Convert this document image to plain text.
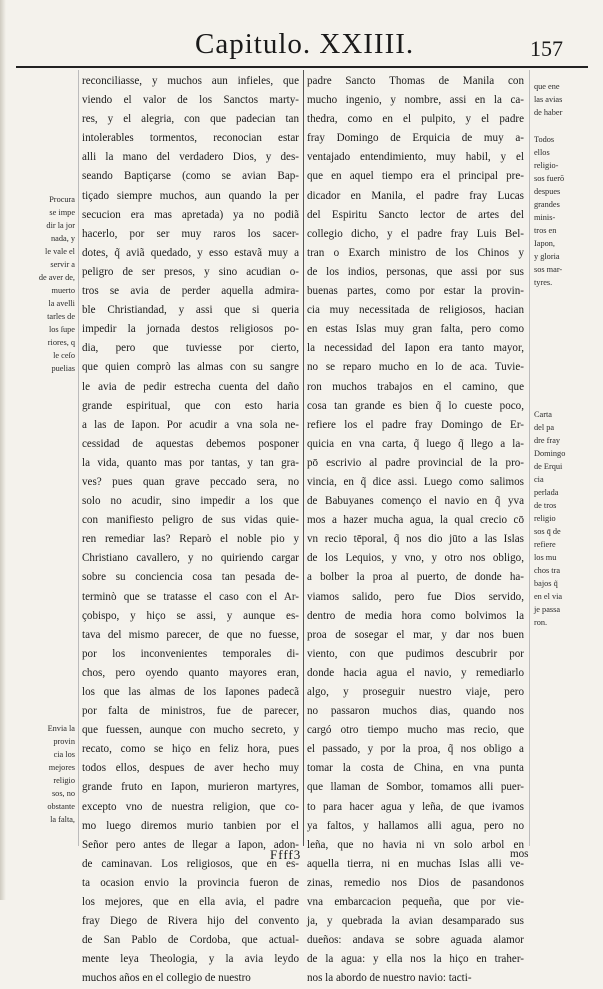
Capitulo. XXIIII.	157
reconciliasse, y muchos aun infieles, que
viendo el valor de los Sanctos marty-
res, y el alegria, con que padecian tan
intolerables tormentos, reconocian estar
alli la mano del verdadero Dios, y des-
seando Baptiçarse (como se avian Bap-
tiçado siempre muchos, aun quando la per
secucion era mas apretada) ya no podiã
hacerlo, por ser muy raros los sacer-
dotes, q̃ aviã quedado, y esso estavã muy a
peligro de ser presos, y sino acudian o-
tros se avia de perder aquella admira-
ble Christiandad, y assi que si queria
impedir la jornada destos religiosos po-
dia, pero que tuviesse por cierto,
que quien comprò las almas con su sangre
le avia de pedir estrecha cuenta del daño
grande espiritual, que con esto haria
a las de Iapon. Por acudir a vna sola ne-
cessidad de aquestas debemos posponer
la vida, quanto mas por tantas, y tan gra-
ves? pues quan grave peccado sera, no
solo no acudir, sino impedir a los que
con manifiesto peligro de sus vidas quie-
ren remediar las? Reparò el noble pio y
Christiano cavallero, y no quiriendo cargar
sobre su conciencia cosa tan pesada de-
terminò que se tratasse el caso con el Ar-
çobispo, y hiço se assi, y aunque es-
tava del mismo parecer, de que no fuesse,
por los inconvenientes temporales di-
chos, pero oyendo quanto mayores eran,
los que las almas de los Iapones padecã
por falta de ministros, fue de parecer,
que fuessen, aunque con mucho secreto, y
recato, como se hiço en feliz hora, pues
todos ellos, despues de aver hecho muy
grande fruto en Iapon, murieron martyres,
excepto vno de nuestra religion, que co-
mo luego diremos murio tanbien por el
Señor pero antes de llegar a Iapon, adon-
de caminavan. Los religiosos, que en es-
ta ocasion envio la provincia fueron de
los mejores, que en ella avia, el padre
fray Diego de Rivera hijo del convento
de San Pablo de Cordoba, que actual-
mente leya Theologia, y la avia leydo
muchos años en el collegio de nuestro
padre Sancto Thomas de Manila con
mucho ingenio, y nombre, assi en la ca-
thedra, como en el pulpito, y el padre
fray Domingo de Erquicia de muy a-
ventajado entendimiento, muy habil, y el
que en aquel tiempo era el principal pre-
dicador en Manila, el padre fray Lucas
del Espiritu Sancto lector de artes del
collegio dicho, y el padre fray Luis Bel-
tran o Exarch ministro de los Chinos y
de los indios, personas, que assi por sus
buenas partes, como por estar la provin-
cia muy necessitada de religiosos, hacian
en estas Islas muy gran falta, pero como
la necessidad del Iapon era tanto mayor,
no se reparo mucho en lo de aca. Tuvie-
ron muchos trabajos en el camino, que
cosa tan grande es bien q̃ lo cueste poco,
refiere los el padre fray Domingo de Er-
quicia en vna carta, q̃ luego q̃ llego a la-
pō escrivio al padre provincial de la pro-
vincia, en q̃ dice assi. Luego como salimos
de Babuyanes començo el navio en q̃ yva
mos a hazer mucha agua, la qual crecio cō
vn recio tēporal, q̃ nos dio jūto a las Islas
de los Lequios, y vno, y otro nos obligo,
a bolber la proa al puerto, de donde ha-
viamos salido, pero fue Dios servido,
dentro de media hora como bolvimos la
proa de sosegar el mar, y dar nos buen
viento, con que pudimos descubrir por
donde hacia agua el navio, y remediarlo
algo, y proseguir nuestro viaje, pero
no passaron muchos dias, quando nos
cargó otro tiempo mucho mas recio, que
el passado, y por la proa, q̃ nos obligo a
tomar la costa de China, en vna punta
que llaman de Sombor, tomamos alli puer-
to para hacer agua y leña, de que ivamos
ya faltos, y hallamos alli agua, pero no
leña, que no havia ni vn solo arbol en
aquella tierra, ni en muchas Islas alli ve-
zinas, remedio nos Dios de pasandonos
vna embarcacion pequeña, que por vie-
ja, y quebrada la avian desamparado sus
dueños: andava se sobre aguada alamor
de la agua: y ella nos la hiço en traher-
nos la abordo de nuestro navio: tacti-
Procura
se impe
dir la jor
nada, y
le vale el
servir a
de aver de,
muerto
la avelli
tarles de
los ſupe
riores, q
le ceſo
puelias
Envia la
provin
cia los
mejores
religio
sos, no
obstante
la falta,
que ene
las avias
de haber
Todos
ellos
religio-
sos fuerō
despues
grandes
minis-
tros en
Iapon,
y gloria
sos mar-
tyres.
Carta
del pa
dre fray
Domingo
de Erqui
cia
perlada
de tros
religio
sos q̄ de
refiere
los mu
chos tra
bajos q̃
en el via
je passa
ron.
Ffff3	mos
